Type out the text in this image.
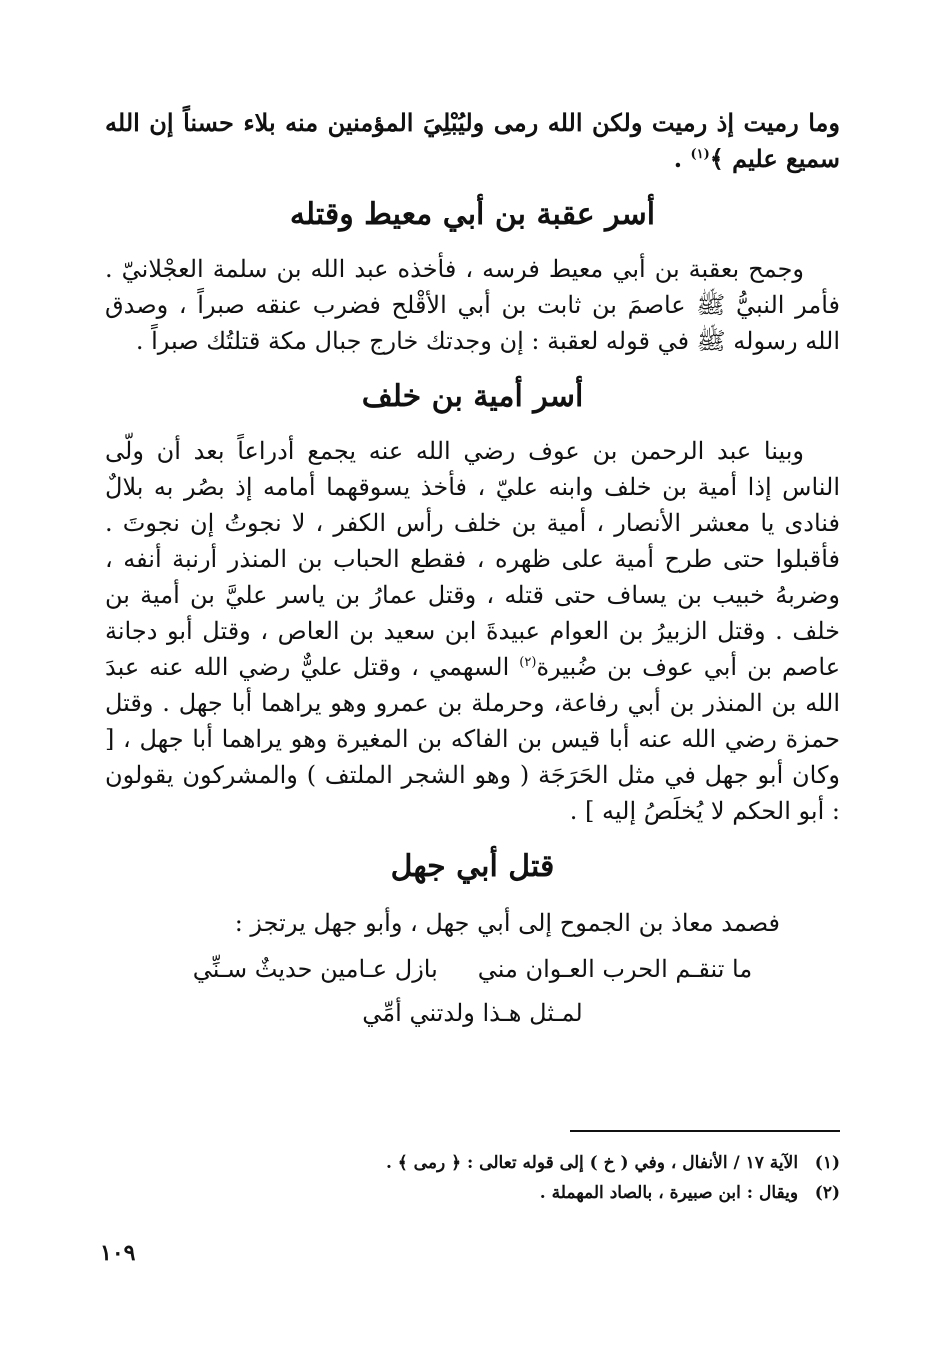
وما رميت إذ رميت ولكن الله رمى وليُبْلِيَ المؤمنين منه بلاء حسناً إن الله سميع عليم ﴾$^{(١)}$ .

أسر عقبة بن أبي معيط وقتله

وجمح بعقبة بن أبي معيط فرسه ، فأخذه عبد الله بن سلمة العجْلانيّ . فأمر النبيُّ ﷺ عاصمَ بن ثابت بن أبي الأقْلح فضرب عنقه صبراً ، وصدق الله رسوله ﷺ في قوله لعقبة : إن وجدتك خارج جبال مكة قتلتُك صبراً .

أسر أمية بن خلف

وبينا عبد الرحمن بن عوف رضي الله عنه يجمع أدراعاً بعد أن ولّى الناس إذا أمية بن خلف وابنه عليّ ، فأخذ يسوقهما أمامه إذ بصُر به بلالٌ فنادى يا معشر الأنصار ، أمية بن خلف رأس الكفر ، لا نجوتُ إن نجوتَ . فأقبلوا حتى طرح أمية على ظهره ، فقطع الحباب بن المنذر أرنبة أنفه ، وضربهُ خبيب بن يساف حتى قتله ، وقتل عمارُ بن ياسر عليَّ بن أمية بن خلف . وقتل الزبيرُ بن العوام عبيدةَ ابن سعيد بن العاص ، وقتل أبو دجانة عاصم بن أبي عوف بن ضُبيرة$^{(٢)}$ السهمي ، وقتل عليٌّ رضي الله عنه عبدَ الله بن المنذر بن أبي رفاعة، وحرملة بن عمرو وهو يراهما أبا جهل . وقتل حمزة رضي الله عنه أبا قيس بن الفاكه بن المغيرة وهو يراهما أبا جهل ، [ وكان أبو جهل في مثل الحَرَجَة ( وهو الشجر الملتف ) والمشركون يقولون : أبو الحكم لا يُخلَصُ إليه ] .

قتل أبي جهل
فصمد معاذ بن الجموح إلى أبي جهل ، وأبو جهل يرتجز :
ما تنقـم الحرب العـوان مني
بازل عـامين حديثٌ سـنِّي
لمـثل هـذا ولدتني أمِّي
(١) الآية ١٧ / الأنفال ، وفي ( خ ) إلى قوله تعالى : ﴿ رمى ﴾ .
(٢) ويقال : ابن صبيرة ، بالصاد المهملة .
١٠٩
